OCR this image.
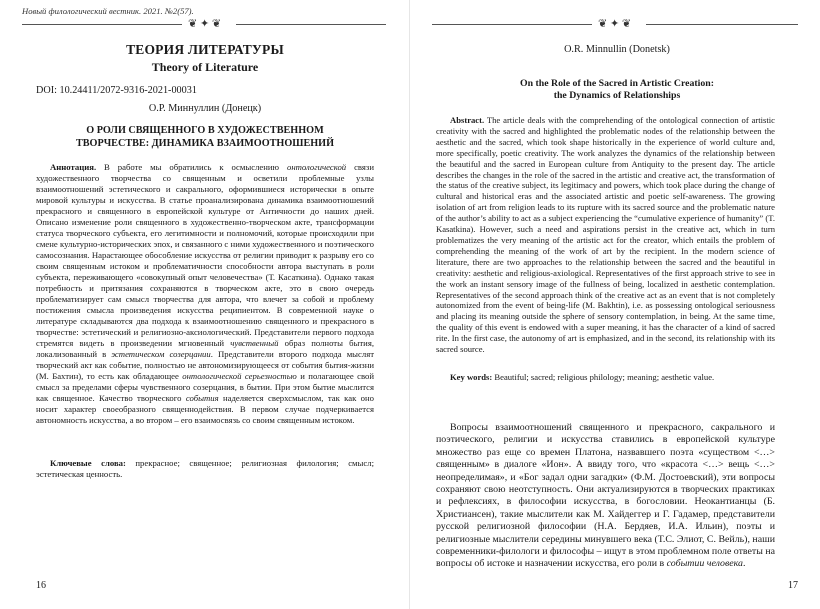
Новый филологический вестник. 2021. №2(57).
❦ ✦ ❦
ТЕОРИЯ ЛИТЕРАТУРЫ
Theory of Literature
DOI: 10.24411/2072-9316-2021-00031
О.Р. Миннуллин (Донецк)
О РОЛИ СВЯЩЕННОГО В ХУДОЖЕСТВЕННОМ
ТВОРЧЕСТВЕ: ДИНАМИКА ВЗАИМООТНОШЕНИЙ

Аннотация. В работе мы обратились к осмыслению онтологической связи художественного творчества со священным и осветили проблемные узлы взаимоотношений эстетического и сакрального, оформившиеся исторически в опыте мировой культуры и искусства. В статье проанализирована динамика взаимоотношений прекрасного и священного в европейской культуре от Античности до наших дней. Описано изменение роли священного в художественно-творческом акте, трансформации статуса творческого субъекта, его легитимности и полномочий, которые происходили при смене культурно-исторических эпох, и связанного с ними художественного и поэтического самосознания. Нарастающее обособление искусства от религии приводит к разрыву его со своим священным истоком и проблематичности способности автора выступать в роли субъекта, переживающего «совокупный опыт человечества» (Т. Касаткина). Однако такая потребность и притязания сохраняются в творческом акте, это в свою очередь проблематизирует сам смысл творчества для автора, что влечет за собой и проблему постижения смысла произведения искусства реципиентом. В современной науке о литературе складываются два подхода к взаимоотношению священного и прекрасного в творчестве: эстетический и религиозно-аксиологический. Представители первого подхода стремятся видеть в произведении мгновенный чувственный образ полноты бытия, локализованный в эстетическом созерцании. Представители второго подхода мыслят творческий акт как событие, полностью не автономизирующееся от события бытия-жизни (М. Бахтин), то есть как обладающее онтологической серьезностью и полагающее свой смысл за пределами сферы чувственного созерцания, в бытии. При этом бытие мыслится как священное. Качество творческого события наделяется сверхсмыслом, так как оно носит характер своеобразного священнодействия. В первом случае подчеркивается автономность искусства, а во втором – его взаимосвязь со своим священным истоком.

Ключевые слова: прекрасное; священное; религиозная филология; смысл; эстетическая ценность.

16
❦ ✦ ❦
O.R. Minnullin (Donetsk)
On the Role of the Sacred in Artistic Creation:
the Dynamics of Relationships
17

Abstract. The article deals with the comprehending of the ontological connection of artistic creativity with the sacred and highlighted the problematic nodes of the relationship between the aesthetic and the sacred, which took shape historically in the experience of world culture and, more specifically, poetic creativity. The work analyzes the dynamics of the relationship between the beautiful and the sacred in European culture from Antiquity to the present day. The article describes the changes in the role of the sacred in the artistic and creative act, the transformation of the status of the creative subject, its legitimacy and powers, which took place during the change of cultural and historical eras and the associated artistic and poetic self-awareness. The growing isolation of art from religion leads to its rupture with its sacred source and the problematic nature of the author’s ability to act as a subject experiencing the “cumulative experience of humanity” (T. Kasatkina). However, such a need and aspirations persist in the creative act, which in turn problematizes the very meaning of the artistic act for the creator, which entails the problem of comprehending the meaning of the work of art by the recipient. In the modern science of literature, there are two approaches to the relationship between the sacred and the beautiful in creativity: aesthetic and religious-axiological. Representatives of the first approach strive to see in the work an instant sensory image of the fullness of being, localized in aesthetic contemplation. Representatives of the second approach think of the creative act as an event that is not completely autonomized from the event of being-life (M. Bakhtin), i.e. as possessing ontological seriousness and placing its meaning outside the sphere of sensory contemplation, in being. At the same time, the quality of this event is endowed with a super meaning, it has the character of a kind of sacred rite. In the first case, the autonomy of art is emphasized, and in the second, its relationship with its sacred source.

Key words: Beautiful; sacred; religious philology; meaning; aesthetic value.

Вопросы взаимоотношений священного и прекрасного, сакрального и поэтического, религии и искусства ставились в европейской культуре множество раз еще со времен Платона, назвавшего поэта «существом <…> священным» в диалоге «Ион». А ввиду того, что «красота <…> вещь <…> неопределимая», и «Бог задал одни загадки» (Ф.М. Достоевский), эти вопросы сохраняют свою неотступность. Они актуализируются в творческих практиках и рефлексиях, в философии искусства, в богословии. Неокантианцы (Б. Христиансен), такие мыслители как М. Хайдеггер и Г. Гадамер, представители русской религиозной философии (Н.А. Бердяев, И.А. Ильин), поэты и религиозные мыслители середины минувшего века (Т.С. Элиот, С. Вейль), наши современники-филологи и философы – ищут в этом проблемном поле ответы на вопросы об истоке и назначении искусства, его роли в событии человека.
